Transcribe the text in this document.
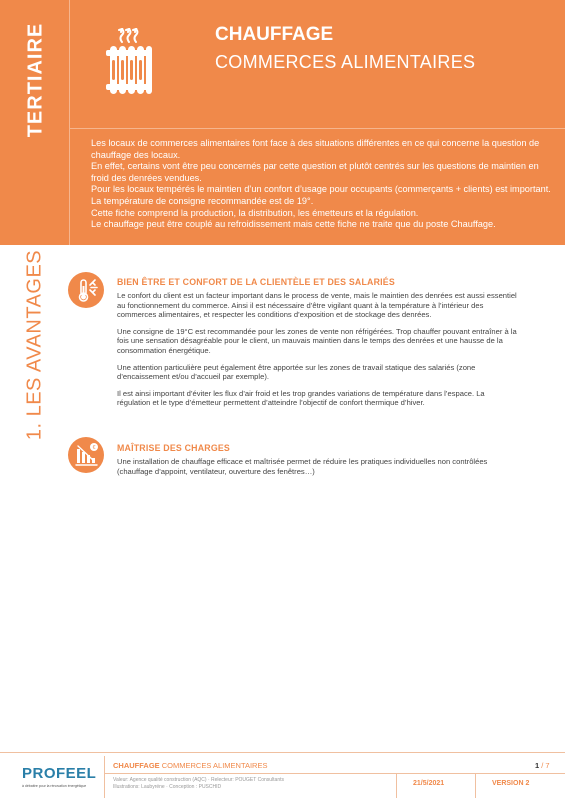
TERTIAIRE	CHAUFFAGE
COMMERCES ALIMENTAIRES

Les locaux de commerces alimentaires font face à des situations différentes en ce qui concerne la question de chauffage des locaux.

En effet, certains vont être peu concernés par cette question et plutôt centrés sur les questions de maintien en froid des denrées vendues.

Pour les locaux tempérés le maintien d’un confort d’usage pour occupants (commerçants + clients) est important. La température de consigne recommandée est de 19°.

Cette fiche comprend la production, la distribution, les émetteurs et la régulation.

Le chauffage peut être couplé au refroidissement mais cette fiche ne traite que du poste Chauffage.

1. LES AVANTAGES	BIEN ÊTRE ET CONFORT DE LA CLIENTÈLE ET DES SALARIÉS

Le confort du client est un facteur important dans le process de vente, mais le maintien des denrées est aussi essentiel au fonctionnement du commerce. Ainsi il est nécessaire d’être vigilant quant à la température à l’intérieur des commerces alimentaires, et respecter les conditions d’exposition et de stockage des denrées.

Une consigne de 19°C est recommandée pour les zones de vente non réfrigérées. Trop chauffer pouvant entraîner à la fois une sensation désagréable pour le client, un mauvais maintien dans le temps des denrées et une hausse de la consommation énergétique.

Une attention particulière peut également être apportée sur les zones de travail statique des salariés (zone d’encaissement et/ou d’accueil par exemple).

Il est ainsi important d’éviter les flux d’air froid et les trop grandes variations de température dans l’espace. La régulation et le type d’émetteur permettent d’atteindre l’objectif de confort thermique d’hiver.

€ MAÎTRISE DES CHARGES

Une installation de chauffage efficace et maîtrisée permet de réduire les pratiques individuelles non contrôlées (chauffage d’appoint, ventilateur, ouverture des fenêtres…)

PROFEEL
à débattre pour la rénovation énergétique
CHAUFFAGE COMMERCES ALIMENTAIRES	1 / 7
Valeur: Agence qualité construction (AQC) · Relecteur: POUGET Consultants
Illustrations: Laubyréne · Conception : PUSCHID	21/5/2021	VERSION 2
